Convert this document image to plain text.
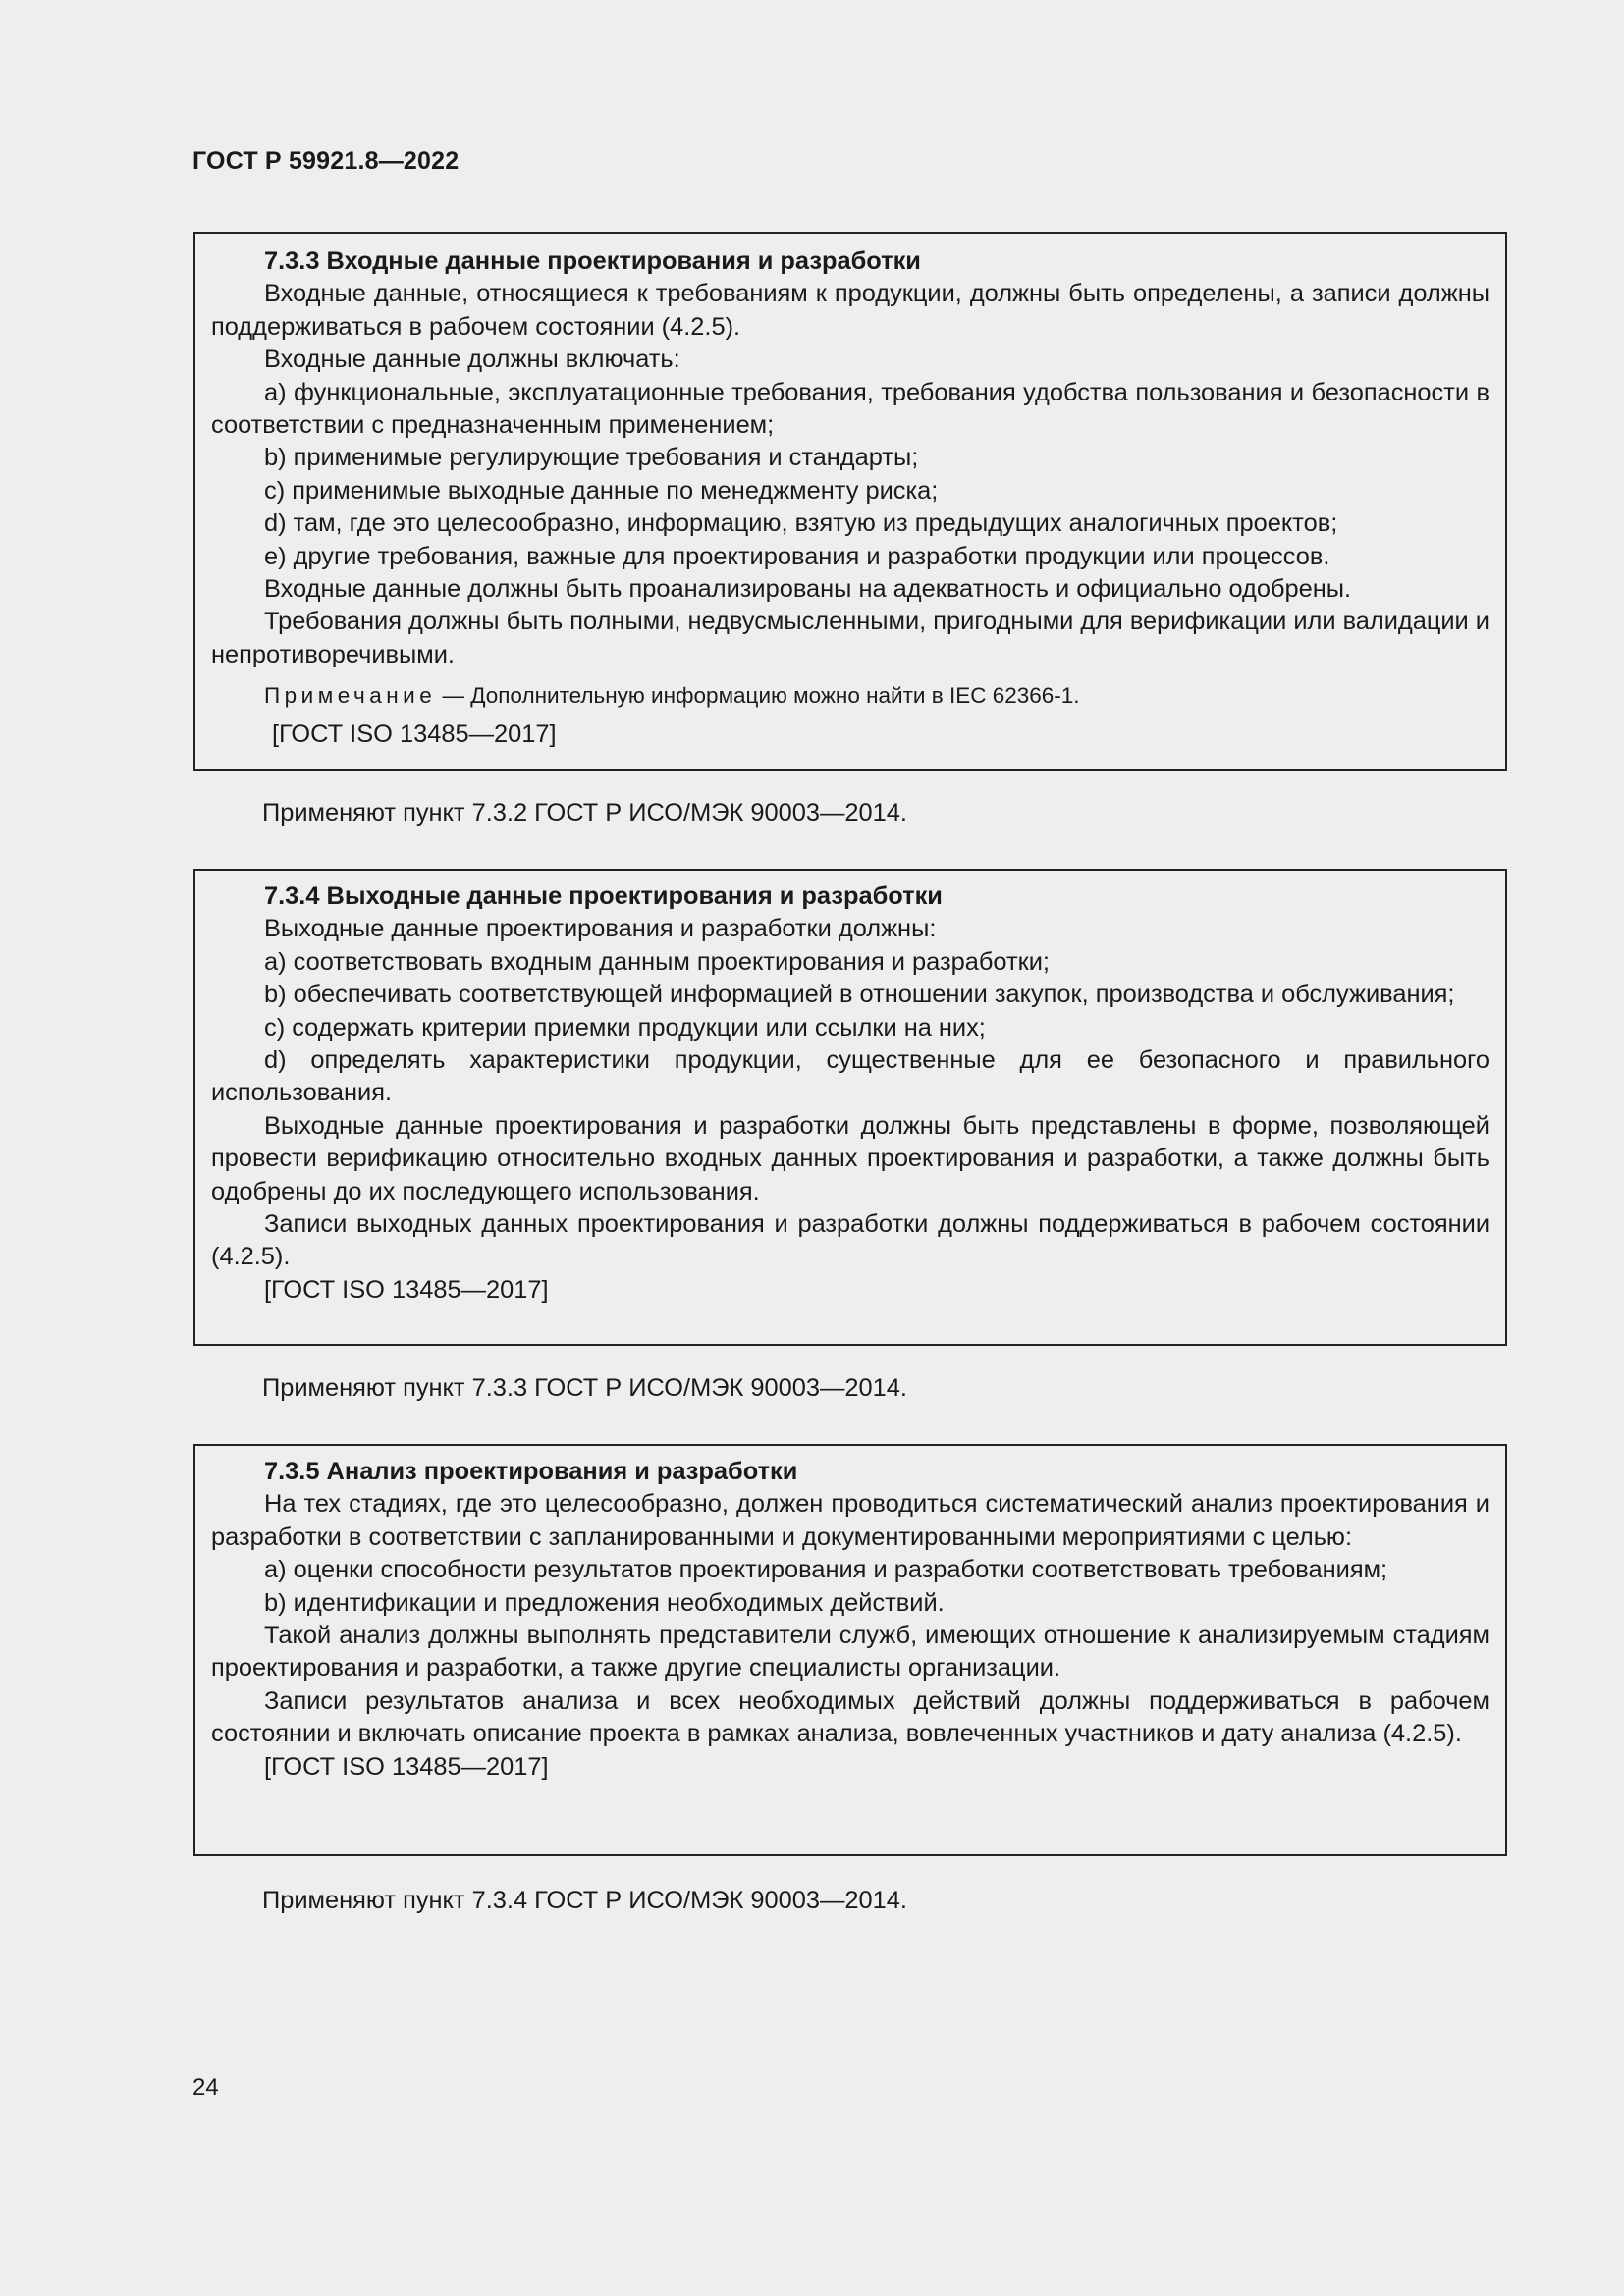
ГОСТ Р 59921.8—2022
7.3.3 Входные данные проектирования и разработки

Входные данные, относящиеся к требованиям к продукции, должны быть определены, а записи должны поддерживаться в рабочем состоянии (4.2.5).

Входные данные должны включать:

a) функциональные, эксплуатационные требования, требования удобства пользования и безопасности в соответствии с предназначенным применением;

b) применимые регулирующие требования и стандарты;

c) применимые выходные данные по менеджменту риска;

d) там, где это целесообразно, информацию, взятую из предыдущих аналогичных проектов;

e) другие требования, важные для проектирования и разработки продукции или процессов.

Входные данные должны быть проанализированы на адекватность и официально одобрены.

Требования должны быть полными, недвусмысленными, пригодными для верификации или валидации и непротиворечивыми.

Примечание — Дополнительную информацию можно найти в IEC 62366-1.

[ГОСТ ISO 13485—2017]

Применяют пункт 7.3.2 ГОСТ Р ИСО/МЭК 90003—2014.
7.3.4 Выходные данные проектирования и разработки

Выходные данные проектирования и разработки должны:

a) соответствовать входным данным проектирования и разработки;

b) обеспечивать соответствующей информацией в отношении закупок, производства и обслуживания;

c) содержать критерии приемки продукции или ссылки на них;

d) определять характеристики продукции, существенные для ее безопасного и правильного использования.

Выходные данные проектирования и разработки должны быть представлены в форме, позволяющей провести верификацию относительно входных данных проектирования и разработки, а также должны быть одобрены до их последующего использования.

Записи выходных данных проектирования и разработки должны поддерживаться в рабочем состоянии (4.2.5).

[ГОСТ ISO 13485—2017]

Применяют пункт 7.3.3 ГОСТ Р ИСО/МЭК 90003—2014.
7.3.5 Анализ проектирования и разработки

На тех стадиях, где это целесообразно, должен проводиться систематический анализ проектирования и разработки в соответствии с запланированными и документированными мероприятиями с целью:

a) оценки способности результатов проектирования и разработки соответствовать требованиям;

b) идентификации и предложения необходимых действий.

Такой анализ должны выполнять представители служб, имеющих отношение к анализируемым стадиям проектирования и разработки, а также другие специалисты организации.

Записи результатов анализа и всех необходимых действий должны поддерживаться в рабочем состоянии и включать описание проекта в рамках анализа, вовлеченных участников и дату анализа (4.2.5).

[ГОСТ ISO 13485—2017]

Применяют пункт 7.3.4 ГОСТ Р ИСО/МЭК 90003—2014.
24
